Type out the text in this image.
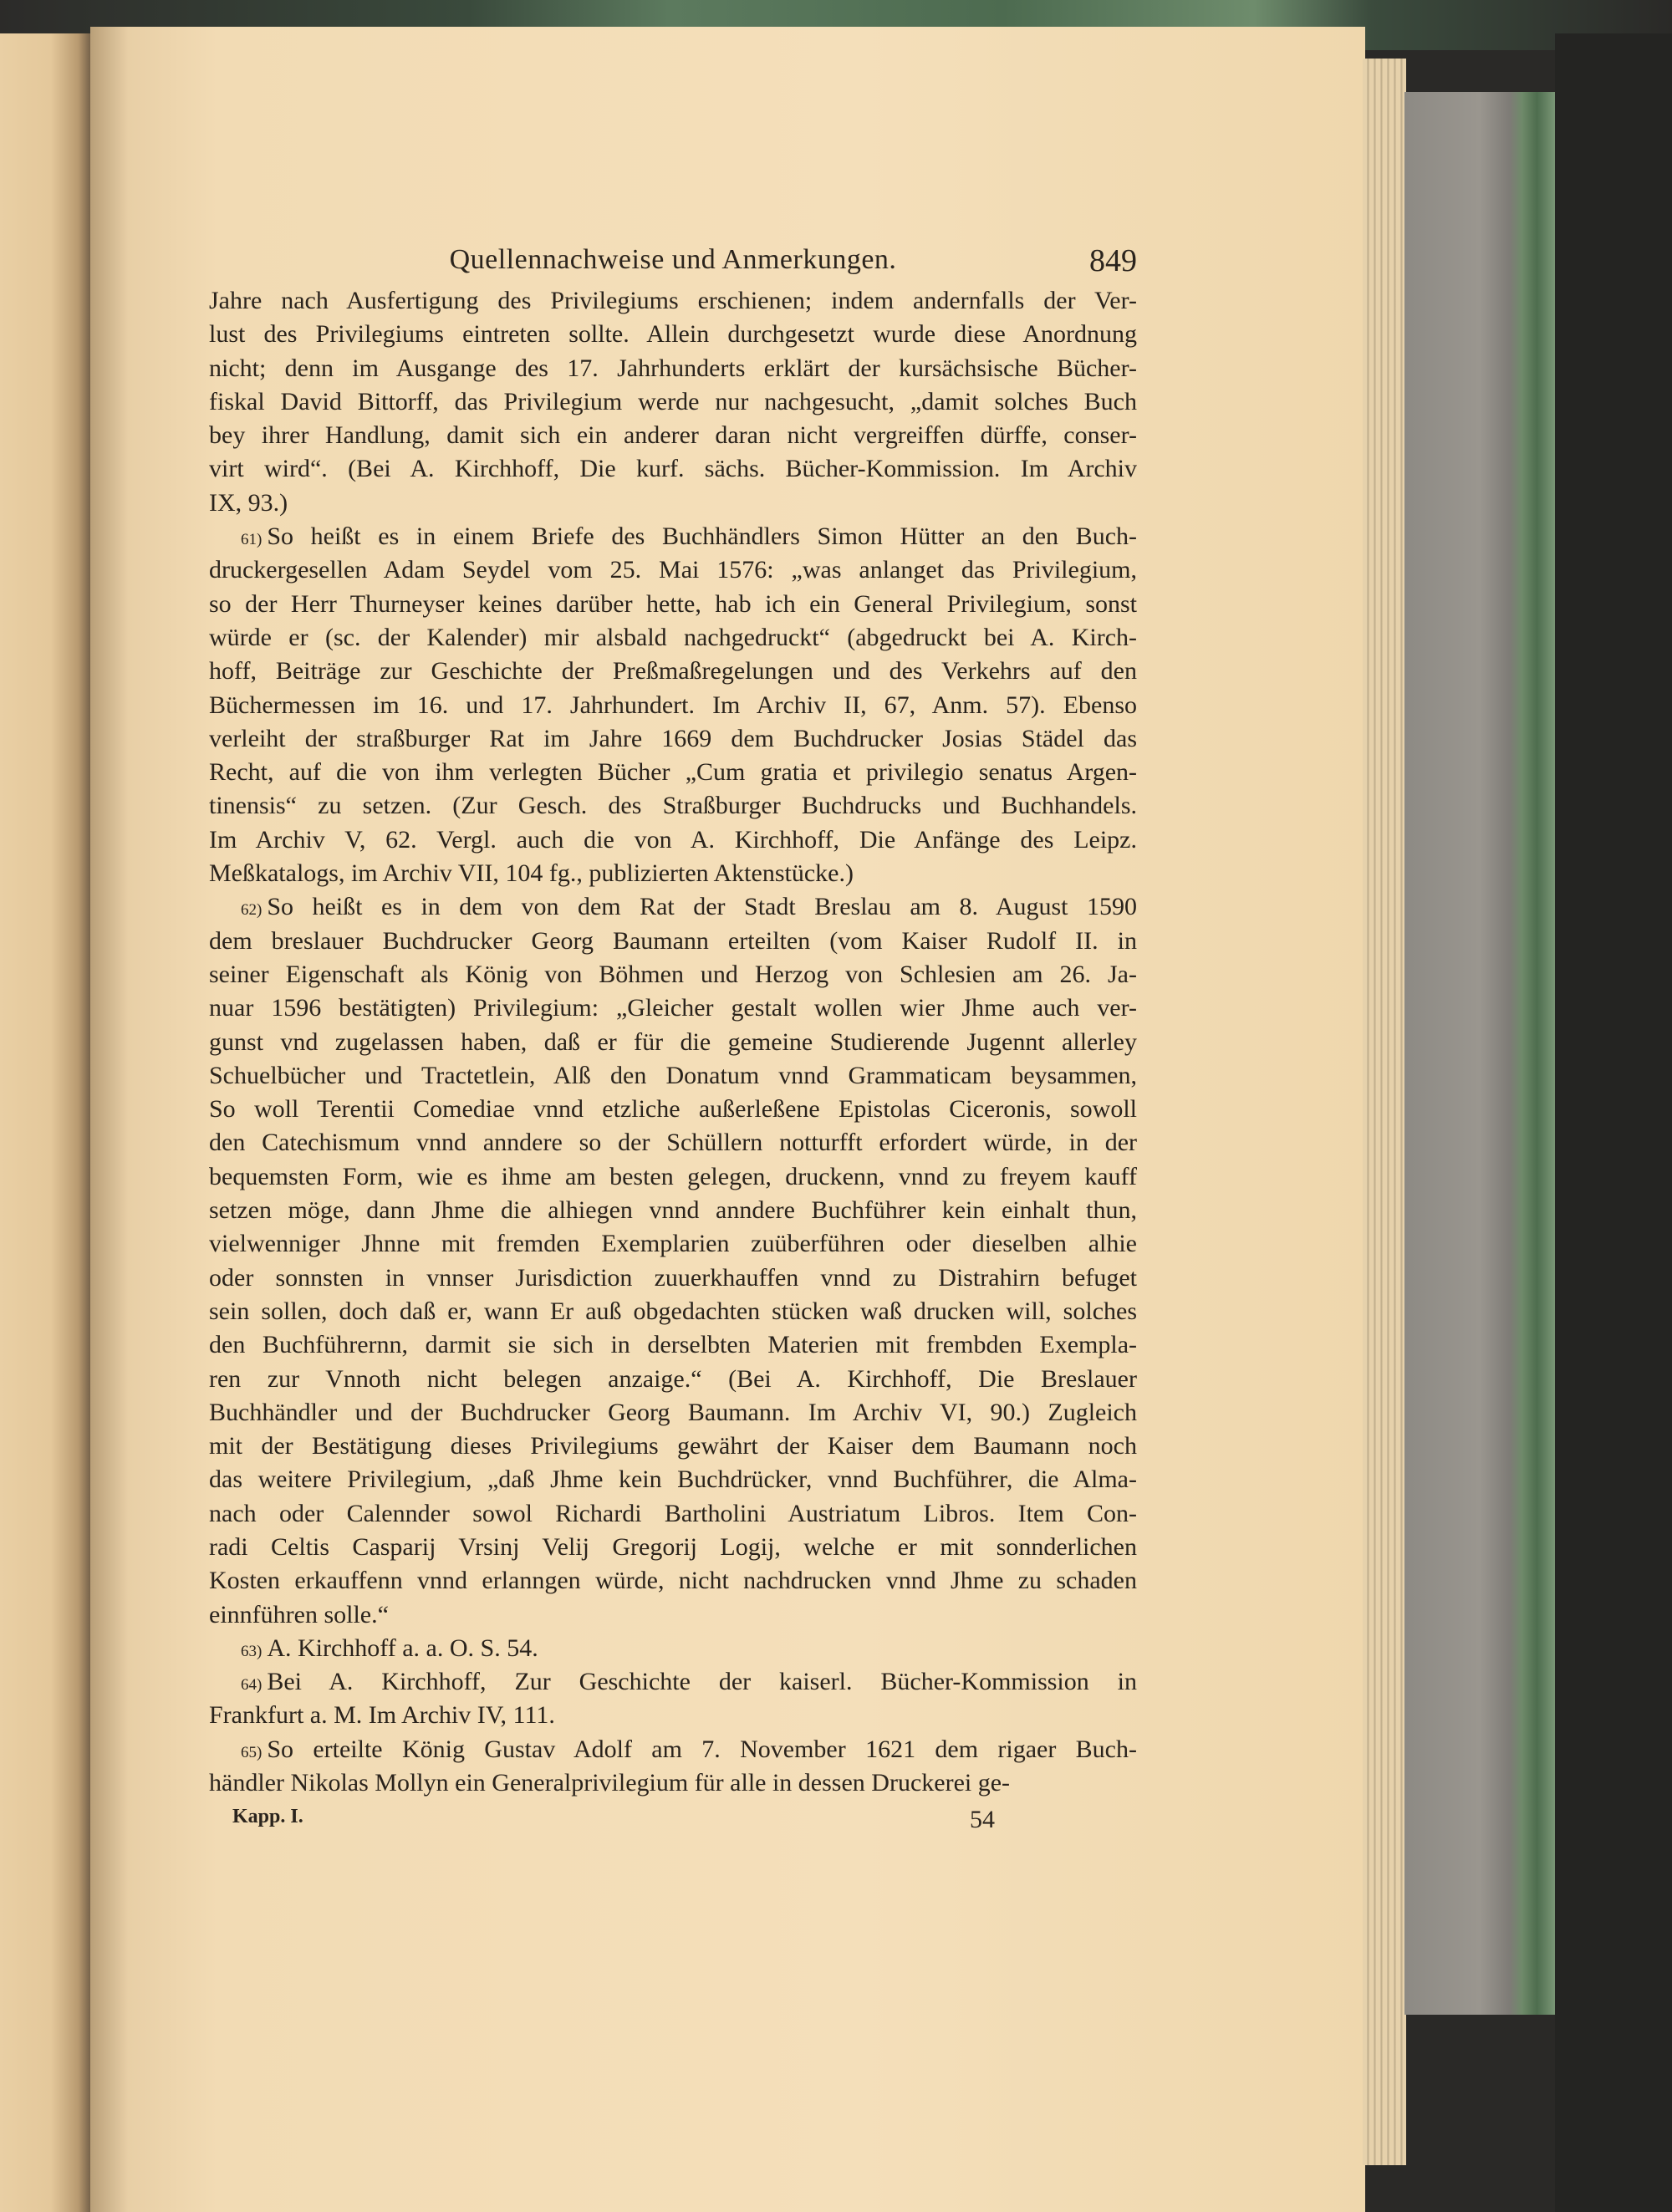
Quellennachweise und Anmerkungen.	849
Jahre nach Ausfertigung des Privilegiums erschienen; indem andernfalls der Ver-
lust des Privilegiums eintreten sollte. Allein durchgesetzt wurde diese Anordnung
nicht; denn im Ausgange des 17. Jahrhunderts erklärt der kursächsische Bücher-
fiskal David Bittorff, das Privilegium werde nur nachgesucht, „damit solches Buch
bey ihrer Handlung, damit sich ein anderer daran nicht vergreiffen dürffe, conser-
virt wird“. (Bei A. Kirchhoff, Die kurf. sächs. Bücher-Kommission. Im Archiv
IX, 93.)
61) So heißt es in einem Briefe des Buchhändlers Simon Hütter an den Buch-
druckergesellen Adam Seydel vom 25. Mai 1576: „was anlanget das Privilegium,
so der Herr Thurneyser keines darüber hette, hab ich ein General Privilegium, sonst
würde er (sc. der Kalender) mir alsbald nachgedruckt“ (abgedruckt bei A. Kirch-
hoff, Beiträge zur Geschichte der Preßmaßregelungen und des Verkehrs auf den
Büchermessen im 16. und 17. Jahrhundert. Im Archiv II, 67, Anm. 57). Ebenso
verleiht der straßburger Rat im Jahre 1669 dem Buchdrucker Josias Städel das
Recht, auf die von ihm verlegten Bücher „Cum gratia et privilegio senatus Argen-
tinensis“ zu setzen. (Zur Gesch. des Straßburger Buchdrucks und Buchhandels.
Im Archiv V, 62. Vergl. auch die von A. Kirchhoff, Die Anfänge des Leipz.
Meßkatalogs, im Archiv VII, 104 fg., publizierten Aktenstücke.)
62) So heißt es in dem von dem Rat der Stadt Breslau am 8. August 1590
dem breslauer Buchdrucker Georg Baumann erteilten (vom Kaiser Rudolf II. in
seiner Eigenschaft als König von Böhmen und Herzog von Schlesien am 26. Ja-
nuar 1596 bestätigten) Privilegium: „Gleicher gestalt wollen wier Jhme auch ver-
gunst vnd zugelassen haben, daß er für die gemeine Studierende Jugennt allerley
Schuelbücher und Tractetlein, Alß den Donatum vnnd Grammaticam beysammen,
So woll Terentii Comediae vnnd etzliche außerleßene Epistolas Ciceronis, sowoll
den Catechismum vnnd anndere so der Schüllern notturfft erfordert würde, in der
bequemsten Form, wie es ihme am besten gelegen, druckenn, vnnd zu freyem kauff
setzen möge, dann Jhme die alhiegen vnnd anndere Buchführer kein einhalt thun,
vielwenniger Jhnne mit fremden Exemplarien zuüberführen oder dieselben alhie
oder sonnsten in vnnser Jurisdiction zuuerkhauffen vnnd zu Distrahirn befuget
sein sollen, doch daß er, wann Er auß obgedachten stücken waß drucken will, solches
den Buchführernn, darmit sie sich in derselbten Materien mit frembden Exempla-
ren zur Vnnoth nicht belegen anzaige.“ (Bei A. Kirchhoff, Die Breslauer
Buchhändler und der Buchdrucker Georg Baumann. Im Archiv VI, 90.) Zugleich
mit der Bestätigung dieses Privilegiums gewährt der Kaiser dem Baumann noch
das weitere Privilegium, „daß Jhme kein Buchdrücker, vnnd Buchführer, die Alma-
nach oder Calennder sowol Richardi Bartholini Austriatum Libros. Item Con-
radi Celtis Casparij Vrsinj Velij Gregorij Logij, welche er mit sonnderlichen
Kosten erkauffenn vnnd erlanngen würde, nicht nachdrucken vnnd Jhme zu schaden
einnführen solle.“
63) A. Kirchhoff a. a. O. S. 54.
64) Bei A. Kirchhoff, Zur Geschichte der kaiserl. Bücher-Kommission in
Frankfurt a. M. Im Archiv IV, 111.
65) So erteilte König Gustav Adolf am 7. November 1621 dem rigaer Buch-
händler Nikolas Mollyn ein Generalprivilegium für alle in dessen Druckerei ge-
Kapp. I.	54
